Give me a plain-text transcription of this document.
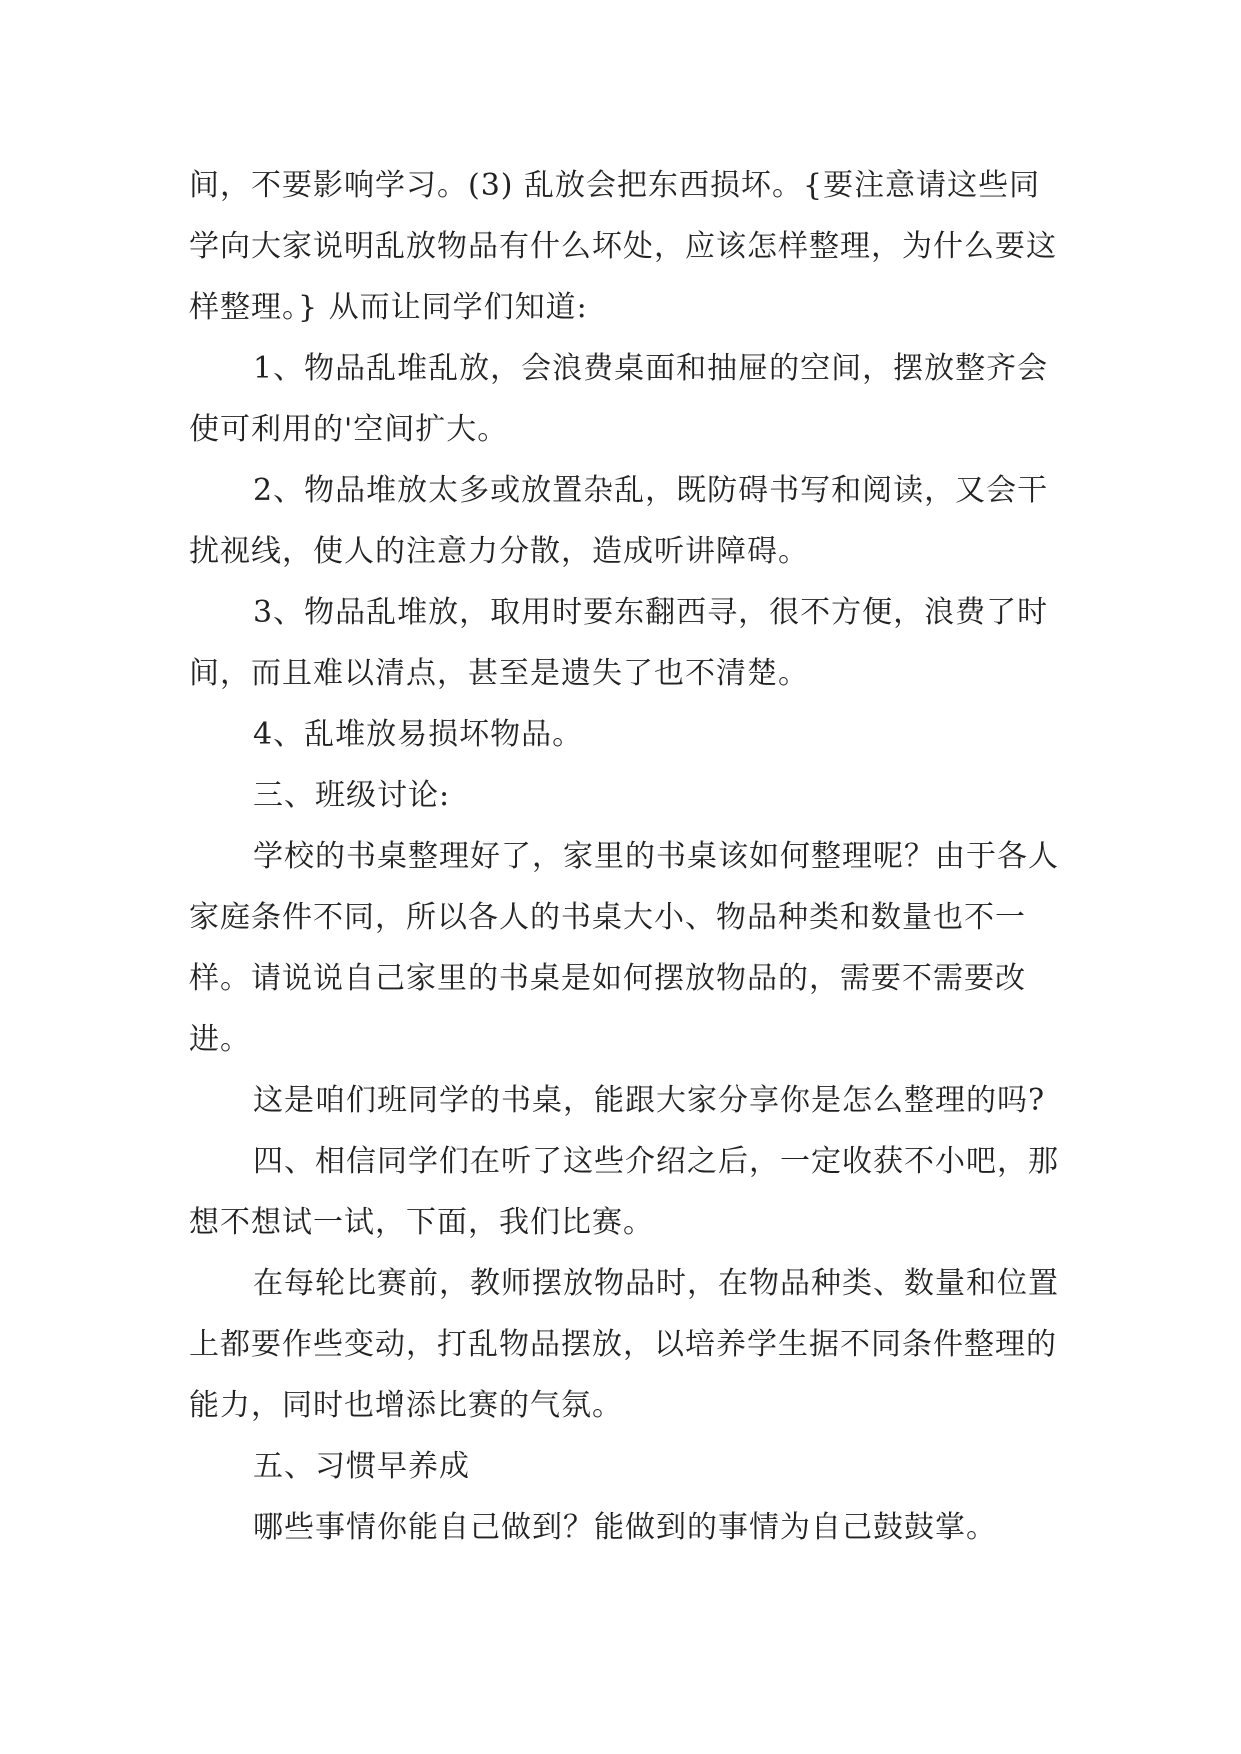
间，不要影响学习。(3) 乱放会把东西损坏。{要注意请这些同学向大家说明乱放物品有什么坏处，应该怎样整理，为什么要这样整理。} 从而让同学们知道:

1、物品乱堆乱放，会浪费桌面和抽屉的空间，摆放整齐会使可利用的'空间扩大。

2、物品堆放太多或放置杂乱，既防碍书写和阅读，又会干扰视线，使人的注意力分散，造成听讲障碍。

3、物品乱堆放，取用时要东翻西寻，很不方便，浪费了时间，而且难以清点，甚至是遗失了也不清楚。

4、乱堆放易损坏物品。

三、班级讨论:

学校的书桌整理好了，家里的书桌该如何整理呢？由于各人家庭条件不同，所以各人的书桌大小、物品种类和数量也不一样。请说说自己家里的书桌是如何摆放物品的，需要不需要改进。

这是咱们班同学的书桌，能跟大家分享你是怎么整理的吗?

四、相信同学们在听了这些介绍之后，一定收获不小吧，那想不想试一试，下面，我们比赛。

在每轮比赛前，教师摆放物品时，在物品种类、数量和位置上都要作些变动，打乱物品摆放，以培养学生据不同条件整理的能力，同时也增添比赛的气氛。

五、习惯早养成

哪些事情你能自己做到？能做到的事情为自己鼓鼓掌。
